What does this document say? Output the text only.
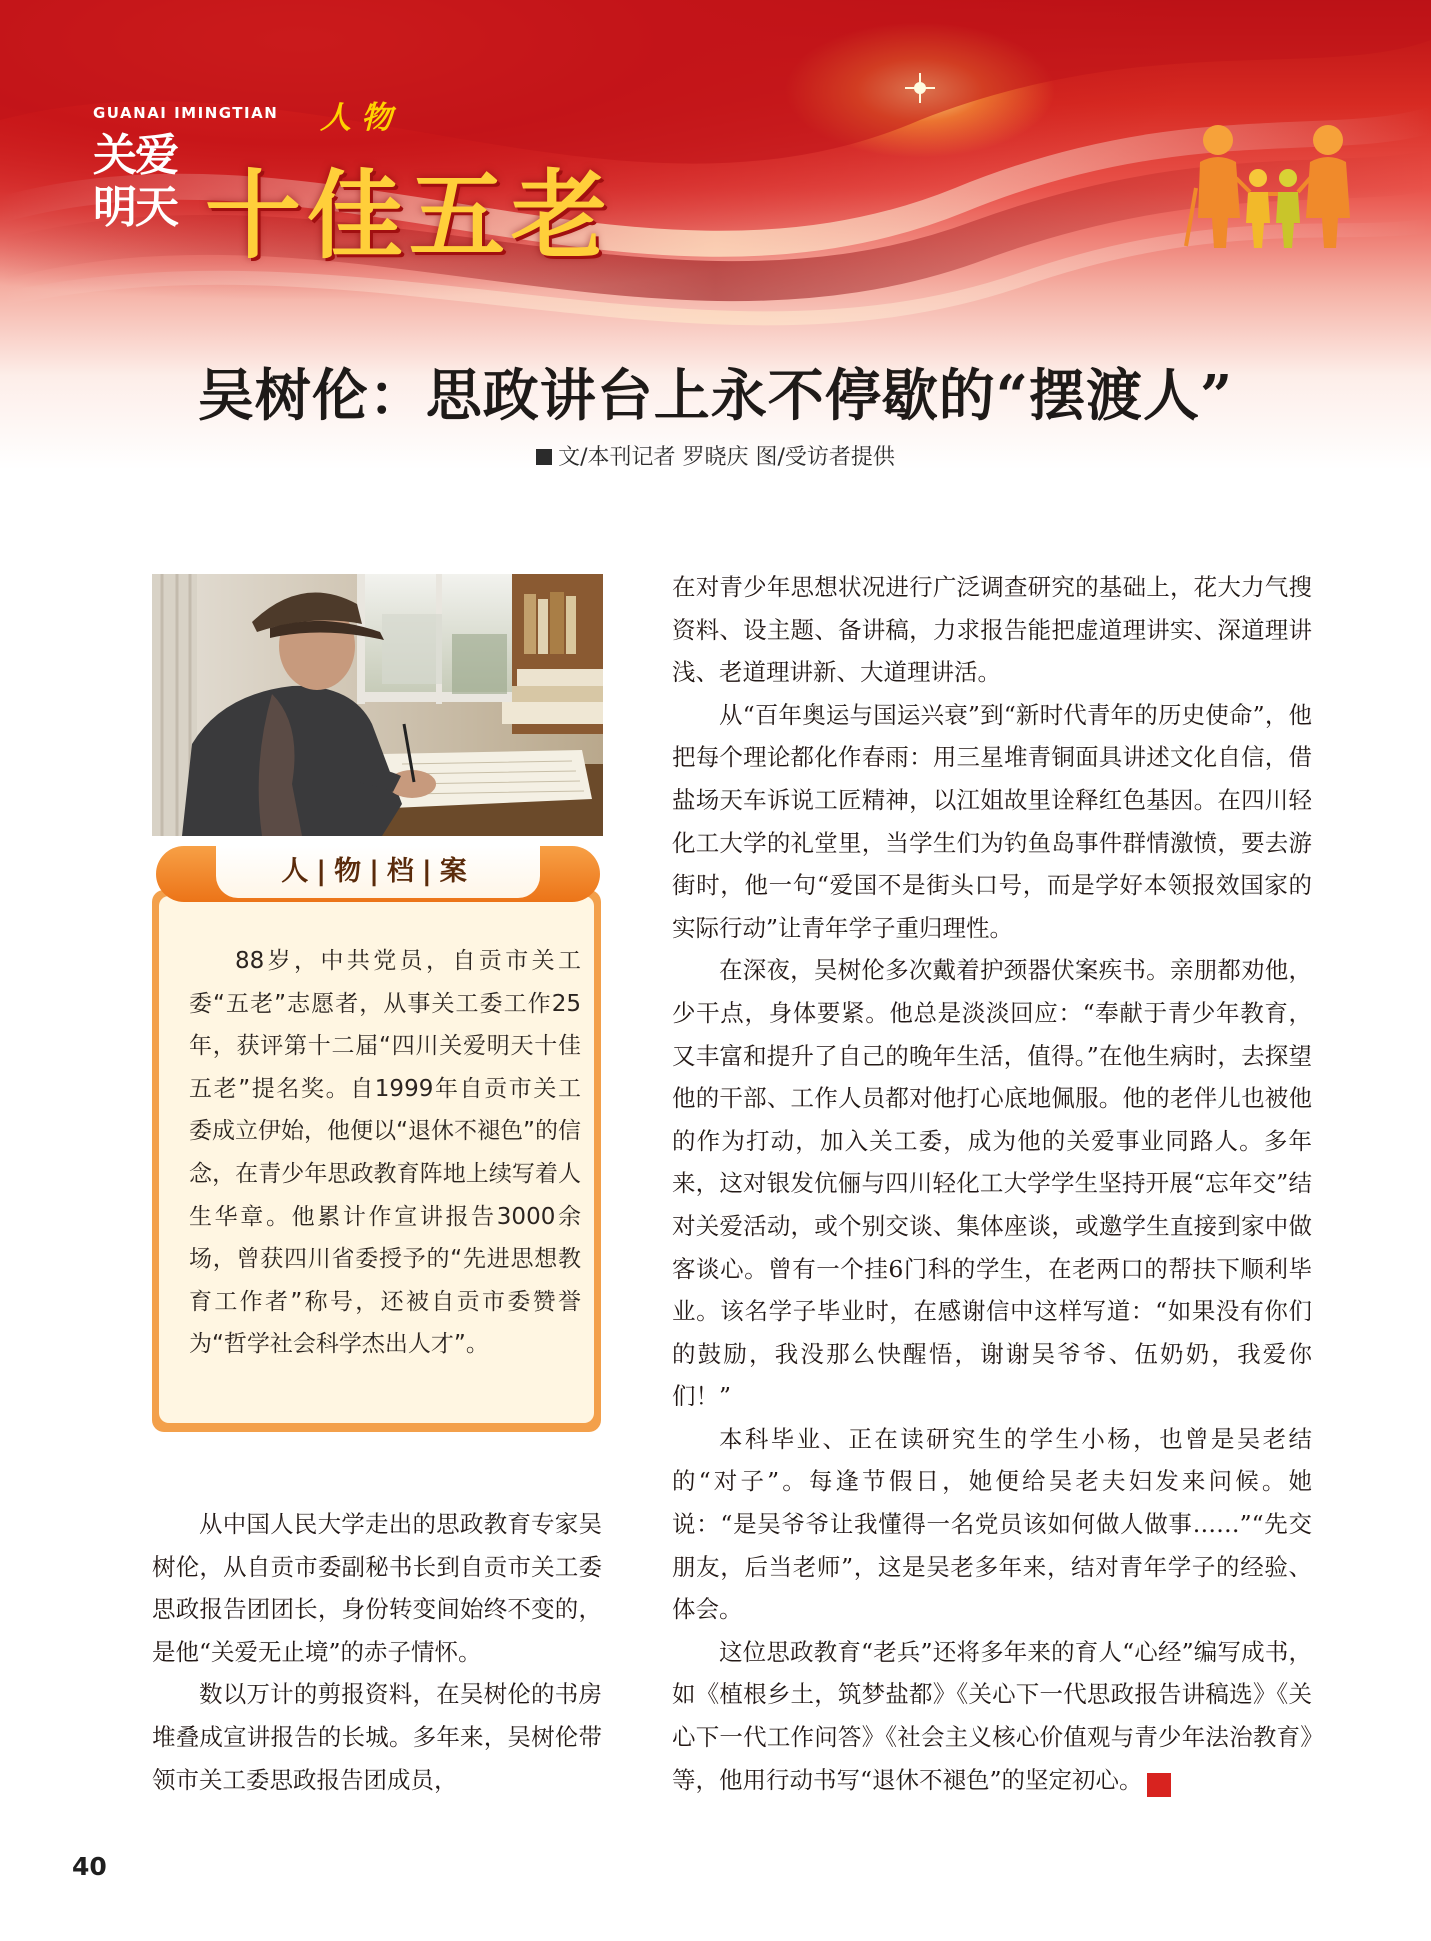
GUANAI IMINGTIAN 人物
关爱
明天 十佳五老
吴树伦：思政讲台上永不停歇的“摆渡人”
文/本刊记者 罗晓庆 图/受访者提供
88岁，中共党员，自贡市关工委“五老”志愿者，从事关工委工作25年，获评第十二届“四川关爱明天十佳五老”提名奖。自1999年自贡市关工委成立伊始，他便以“退休不褪色”的信念，在青少年思政教育阵地上续写着人生华章。他累计作宣讲报告3000余场，曾获四川省委授予的“先进思想教育工作者”称号，还被自贡市委赞誉为“哲学社会科学杰出人才”。
人|物|档|案

从中国人民大学走出的思政教育专家吴树伦，从自贡市委副秘书长到自贡市关工委思政报告团团长，身份转变间始终不变的，是他“关爱无止境”的赤子情怀。

数以万计的剪报资料，在吴树伦的书房堆叠成宣讲报告的长城。多年来，吴树伦带领市关工委思政报告团成员，

在对青少年思想状况进行广泛调查研究的基础上，花大力气搜资料、设主题、备讲稿，力求报告能把虚道理讲实、深道理讲浅、老道理讲新、大道理讲活。

从“百年奥运与国运兴衰”到“新时代青年的历史使命”，他把每个理论都化作春雨：用三星堆青铜面具讲述文化自信，借盐场天车诉说工匠精神，以江姐故里诠释红色基因。在四川轻化工大学的礼堂里，当学生们为钓鱼岛事件群情激愤，要去游街时，他一句“爱国不是街头口号，而是学好本领报效国家的实际行动”让青年学子重归理性。

在深夜，吴树伦多次戴着护颈器伏案疾书。亲朋都劝他，少干点，身体要紧。他总是淡淡回应：“奉献于青少年教育，又丰富和提升了自己的晚年生活，值得。”在他生病时，去探望他的干部、工作人员都对他打心底地佩服。他的老伴儿也被他的作为打动，加入关工委，成为他的关爱事业同路人。多年来，这对银发伉俪与四川轻化工大学学生坚持开展“忘年交”结对关爱活动，或个别交谈、集体座谈，或邀学生直接到家中做客谈心。曾有一个挂6门科的学生，在老两口的帮扶下顺利毕业。该名学子毕业时，在感谢信中这样写道：“如果没有你们的鼓励，我没那么快醒悟，谢谢吴爷爷、伍奶奶，我爱你们！”

本科毕业、正在读研究生的学生小杨，也曾是吴老结的“对子”。每逢节假日，她便给吴老夫妇发来问候。她说：“是吴爷爷让我懂得一名党员该如何做人做事……”“先交朋友，后当老师”，这是吴老多年来，结对青年学子的经验、体会。

这位思政教育“老兵”还将多年来的育人“心经”编写成书，如《植根乡土，筑梦盐都》《关心下一代思政报告讲稿选》《关心下一代工作问答》《社会主义核心价值观与青少年法治教育》等，他用行动书写“退休不褪色”的坚定初心。	关

40
